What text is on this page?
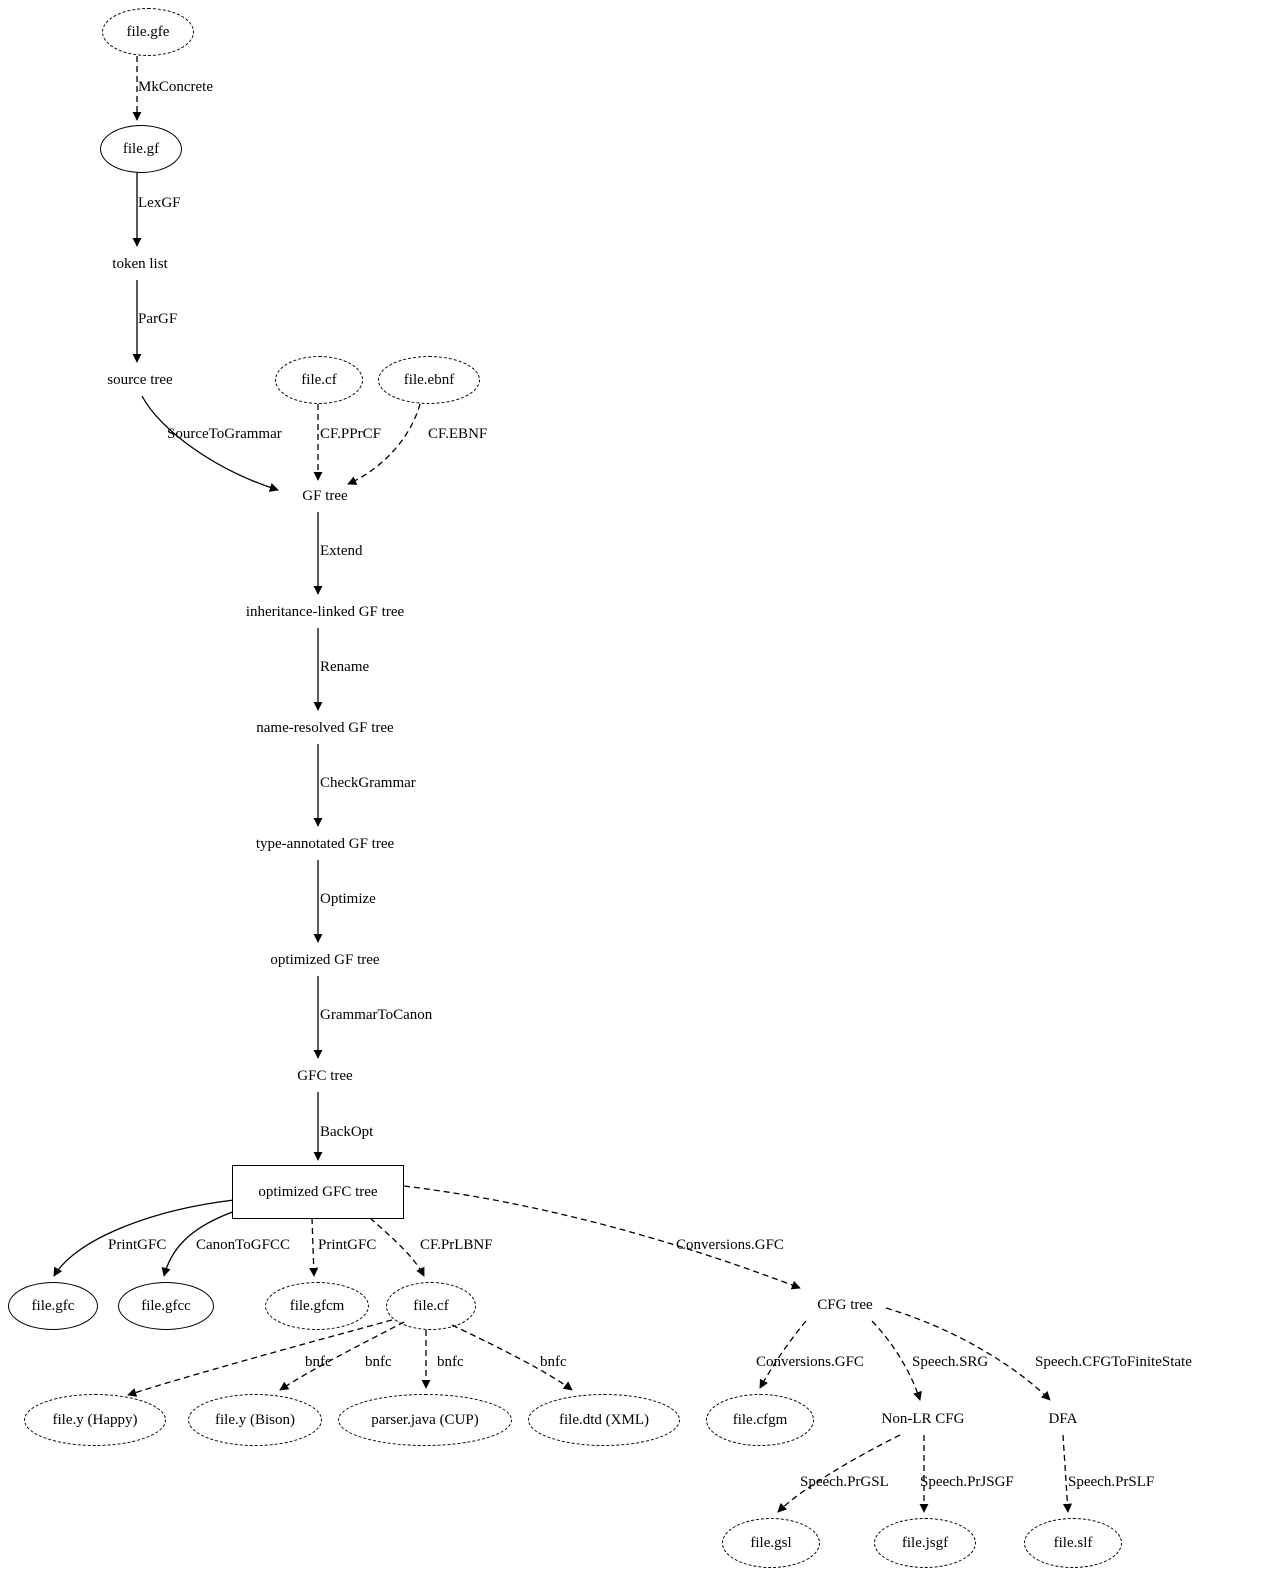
file.gfe
file.gf
token list
source tree	file.cf	file.ebnf
GF tree
inheritance-linked GF tree
name-resolved GF tree
type-annotated GF tree
optimized GF tree
GFC tree
optimized GFC tree
file.gfc	file.gfcc	file.gfcm	file.cf	CFG tree
file.y (Happy)	file.y (Bison)	parser.java (CUP)	file.dtd (XML)	file.cfgm	Non-LR CFG	DFA
file.gsl	file.jsgf	file.slf
MkConcrete
LexGF
ParGF
SourceToGrammar	CF.PPrCF	CF.EBNF
Extend
Rename
CheckGrammar
Optimize
GrammarToCanon
BackOpt
PrintGFC CanonToGFCC PrintGFC	CF.PrLBNF	Conversions.GFC
bnfc bnfc	bnfc	bnfc	Conversions.GFC	Speech.SRG	Speech.CFGToFiniteState
Speech.PrGSL Speech.PrJSGF	Speech.PrSLF
